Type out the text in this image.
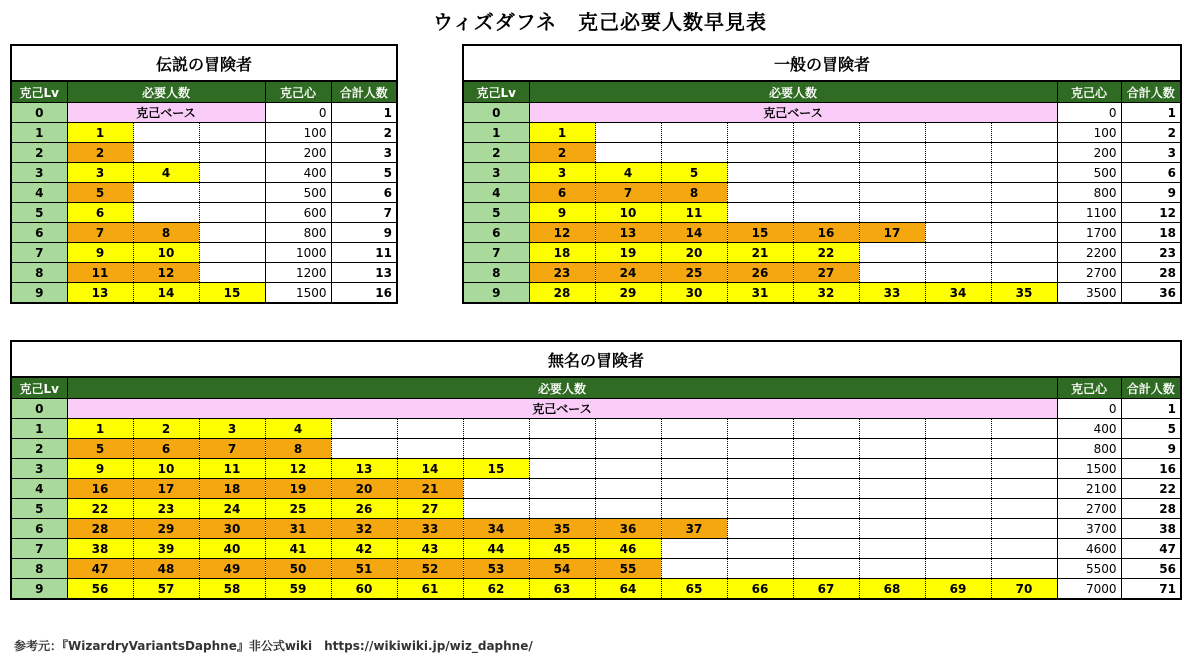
ウィズダフネ　克己必要人数早見表
伝説の冒険者					
克己Lv	必要人数			克己心	合計人数
0	克己ベース			0	1
1	1			100	2
2	2			200	3
3	3	4		400	5
4	5			500	6
5	6			600	7
6	7	8		800	9
7	9	10		1000	11
8	11	12		1200	13
9	13	14	15	1500	16
一般の冒険者										
克己Lv	必要人数								克己心	合計人数
0	克己ベース								0	1
1	1								100	2
2	2								200	3
3	3	4	5						500	6
4	6	7	8						800	9
5	9	10	11						1100	12
6	12	13	14	15	16	17			1700	18
7	18	19	20	21	22				2200	23
8	23	24	25	26	27				2700	28
9	28	29	30	31	32	33	34	35	3500	36
無名の冒険者																	
克己Lv	必要人数															克己心	合計人数
0	克己ベース															0	1
1	1	2	3	4												400	5
2	5	6	7	8												800	9
3	9	10	11	12	13	14	15									1500	16
4	16	17	18	19	20	21										2100	22
5	22	23	24	25	26	27										2700	28
6	28	29	30	31	32	33	34	35	36	37						3700	38
7	38	39	40	41	42	43	44	45	46							4600	47
8	47	48	49	50	51	52	53	54	55							5500	56
9	56	57	58	59	60	61	62	63	64	65	66	67	68	69	70	7000	71
参考元：『WizardryVariantsDaphne』非公式wiki　https://wikiwiki.jp/wiz_daphne/
